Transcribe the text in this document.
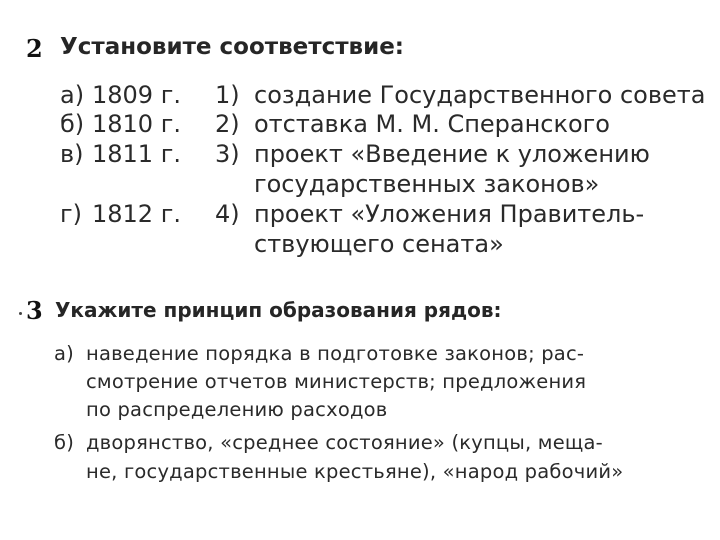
2 Установите соответствие:
а) 1809 г. 1) создание Государственного совета
б) 1810 г. 2) отставка М. М. Сперанского
в) 1811 г. 3) проект «Введение к уложению
государственных законов»
г) 1812 г. 4) проект «Уложения Правитель-
ствующего сената»
3 Укажите принцип образования рядов:
а) наведение порядка в подготовке законов; рас-
смотрение отчетов министерств; предложения
по распределению расходов
б) дворянство, «среднее состояние» (купцы, меща-
не, государственные крестьяне), «народ рабочий»
